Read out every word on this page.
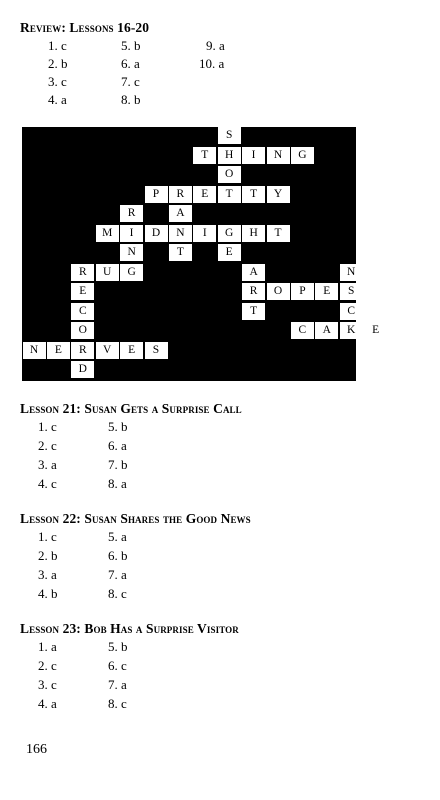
Review: Lessons 16-20
1. c
2. b
3. c
4. a
5. b
6. a
7. c
8. b
9. a
10. a
S
T	H	I	N	G
O
P	R	E	T	T	Y
R	A
M	I	D	N	I	G	H	T
N	T	E
R	U	G	A	N
E	R	O	P	E	S
C	T	C
O	C	A	K	E
N	E	R	V	E	S
D
Lesson 21: Susan Gets a Surprise Call
1. c
2. c
3. a
4. c
5. b
6. a
7. b
8. a
Lesson 22: Susan Shares the Good News
1. c
2. b
3. a
4. b
5. a
6. b
7. a
8. c
Lesson 23: Bob Has a Surprise Visitor
1. a
2. c
3. c
4. a
5. b
6. c
7. a
8. c
166
